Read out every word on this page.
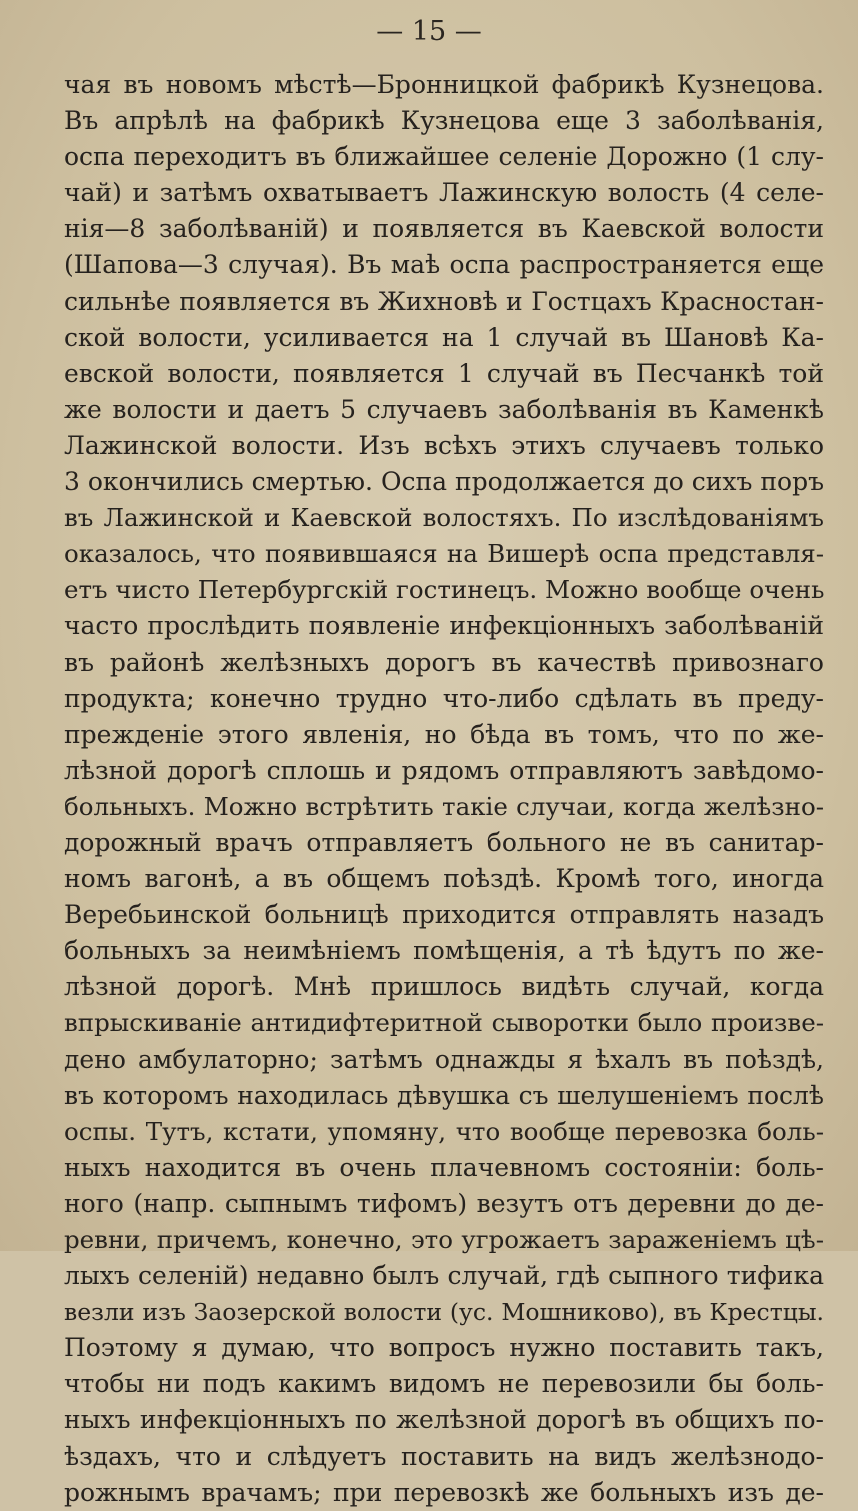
— 15 —
чая въ новомъ мѣстѣ—Бронницкой фабрикѣ Кузнецова.
Въ апрѣлѣ на фабрикѣ Кузнецова еще 3 заболѣванія,
оспа переходитъ въ ближайшее селеніе Дорожно (1 слу-
чай) и затѣмъ охватываетъ Лажинскую волость (4 селе-
нія—8 заболѣваній) и появляется въ Каевской волости
(Шапова—3 случая). Въ маѣ оспа распространяется еще
сильнѣе появляется въ Жихновѣ и Гостцахъ Красностан-
ской волости, усиливается на 1 случай въ Шановѣ Ка-
евской волости, появляется 1 случай въ Песчанкѣ той
же волости и даетъ 5 случаевъ заболѣванія въ Каменкѣ
Лажинской волости. Изъ всѣхъ этихъ случаевъ только
3 окончились смертью. Оспа продолжается до сихъ поръ
въ Лажинской и Каевской волостяхъ. По изслѣдованіямъ
оказалось, что появившаяся на Вишерѣ оспа представля-
етъ чисто Петербургскій гостинецъ. Можно вообще очень
часто прослѣдить появленіе инфекціонныхъ заболѣваній
въ районѣ желѣзныхъ дорогъ въ качествѣ привознаго
продукта; конечно трудно что-либо сдѣлать въ преду-
прежденіе этого явленія, но бѣда въ томъ, что по же-
лѣзной дорогѣ сплошь и рядомъ отправляютъ завѣдомо-
больныхъ. Можно встрѣтить такіе случаи, когда желѣзно-
дорожный врачъ отправляетъ больного не въ санитар-
номъ вагонѣ, а въ общемъ поѣздѣ. Кромѣ того, иногда
Веребьинской больницѣ приходится отправлять назадъ
больныхъ за неимѣніемъ помѣщенія, а тѣ ѣдутъ по же-
лѣзной дорогѣ. Мнѣ пришлось видѣть случай, когда
впрыскиваніе антидифтеритной сыворотки было произве-
дено амбулаторно; затѣмъ однажды я ѣхалъ въ поѣздѣ,
въ которомъ находилась дѣвушка съ шелушеніемъ послѣ
оспы. Тутъ, кстати, упомяну, что вообще перевозка боль-
ныхъ находится въ очень плачевномъ состояніи: боль-
ного (напр. сыпнымъ тифомъ) везутъ отъ деревни до де-
ревни, причемъ, конечно, это угрожаетъ зараженіемъ цѣ-
лыхъ селеній) недавно былъ случай, гдѣ сыпного тифика
везли изъ Заозерской волости (ус. Мошниково), въ Крестцы.
Поэтому я думаю, что вопросъ нужно поставить такъ,
чтобы ни подъ какимъ видомъ не перевозили бы боль-
ныхъ инфекціонныхъ по желѣзной дорогѣ въ общихъ по-
ѣздахъ, что и слѣдуетъ поставить на видъ желѣзнодо-
рожнымъ врачамъ; при перевозкѣ же больныхъ изъ де-
